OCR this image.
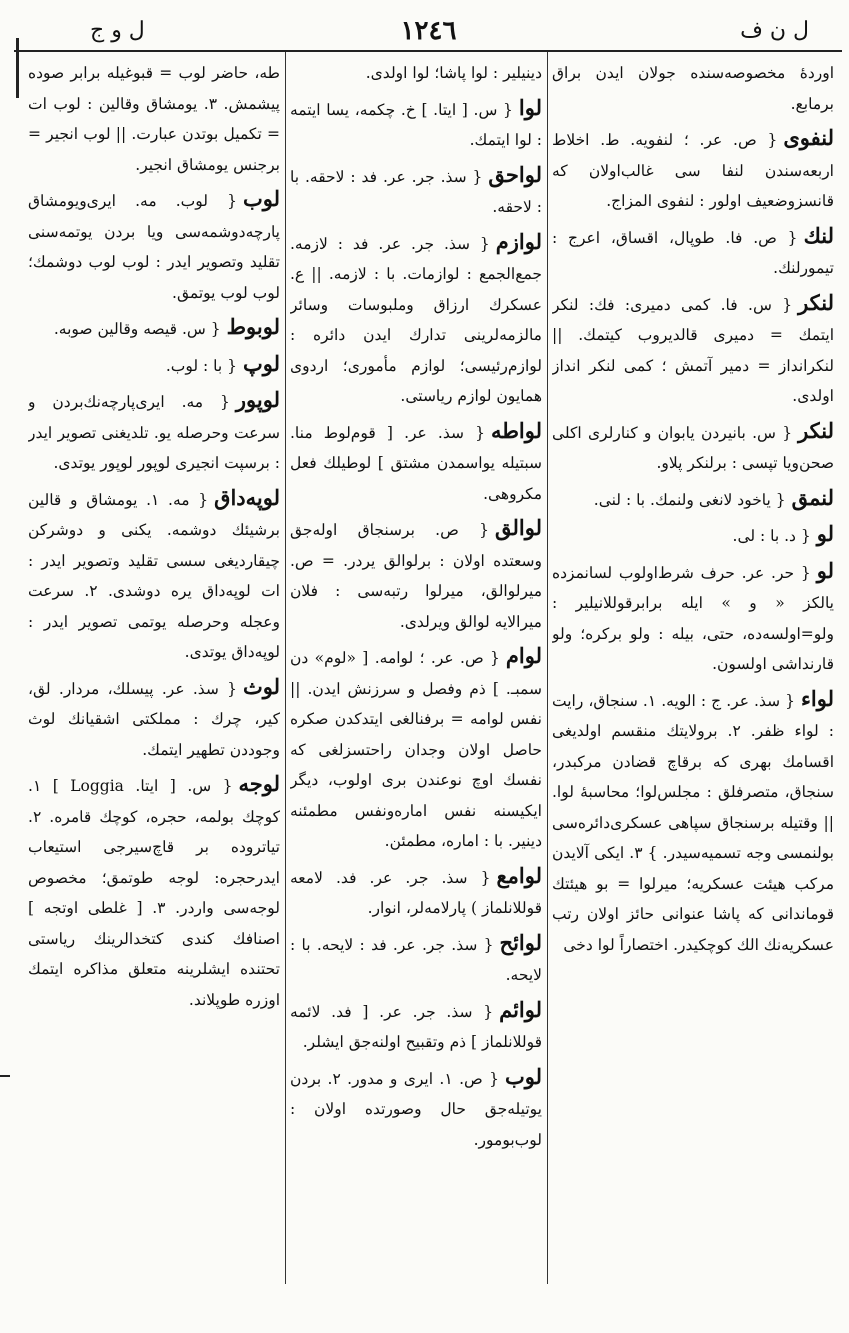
ل ن ف
١٢٤٦
ل و ج
اوردۀ مخصوصه‌سنده جولان ایدن براق برمابع.
لنفوی{ ص. عر. ؛ لنفویه. ط. اخلاط اربعه‌سندن لنفا سی غالب‌اولان که قانسزوضعیف اولور : لنفوی المزاج.
لنك{ ص. فا. طوپال، اقساق، اعرج : تیمورلنك.
لنکر{ س. فا. کمی دمیری: فك: لنکر ایتمك = دمیری قالدیروب کیتمك. || لنکرانداز = دمیر آتمش ؛ کمی لنکر انداز اولدی.
لنکر{ س. بانیردن یابوان و کنارلری اکلی صحن‌ویا تپسی : برلنکر پلاو.
لنمق{ یاخود لانغی ولنمك. با : لنی.
لو{ د. با : لی.
لو{ حر. عر. حرف شرط‌اولوب لسانمزده یالکز « و » ایله برابرقوللانیلیر : ولو=اولسه‌ده، حتی، بیله : ولو برکره؛ ولو قارنداشی اولسون.
لواء{ سذ. عر. ج : الویه. ١. سنجاق، رایت : لواء ظفر. ٢. برولایتك منقسم اولدیغی اقسامك بهری که برقاچ قضادن مرکبدر، سنجاق، متصرفلق : مجلس‌لوا؛ محاسبۀ لوا. || وقتیله برسنجاق سپاهی عسکری‌دائره‌سی بولنمسی وجه تسمیه‌سیدر. } ٣. ایکی آلایدن مرکب هیئت عسکریه؛ میرلوا = بو هیئتك قوماندانی که پاشا عنوانی حائز اولان رتب عسکریه‌نك الك کوچکیدر. اختصاراً لوا دخی
دینیلیر : لوا پاشا؛ لوا اولدی.
لوا{ س. [ ایتا. ] خ. چکمه، یسا ایتمه : لوا ایتمك.
لواحق{ سذ. جر. عر. فد : لاحقه. با : لاحقه.
لوازم{ سذ. جر. عر. فد : لازمه. جمع‌الجمع : لوازمات. با : لازمه. || ع. عسکرك ارزاق وملبوسات وسائر مالزمه‌لرینی تدارك ایدن دائره : لوازم‌رئیسی؛ لوازم مأموری؛ اردوی همایون لوازم ریاستی.
لواطه{ سذ. عر. [ قوم‌لوط منا. سبتیله یواسمدن مشتق ] لوطیلك فعل مکروهی.
لوالق{ ص. برسنجاق اولەجق وسعتده اولان : برلوالق یردر. = ص. میرلوالق، میرلوا رتبه‌سی : فلان میرالایه لوالق ویرلدی.
لوام{ ص. عر. ؛ لوامه. [ «لوم» دن سمبـ. ] ذم وفصل و سرزنش ایدن. || نفس لوامه = برفنالغی ایتدکدن صکره حاصل اولان وجدان راحتسزلغی که نفسك اوچ نوعندن بری اولوب، دیگر ایکیسنه نفس اماره‌ونفس مطمئنه دینیر. با : اماره، مطمئن.
لوامع{ سذ. جر. عر. فد. لامعه قوللانلماز ) پارلامەلر، انوار.
لوائح{ سذ. جر. عر. فد : لایحه. با : لایحه.
لوائم{ سذ. جر. عر. [ فد. لائمه قوللانلماز ] ذم وتقبیح اولنەجق ایشلر.
لوب{ ص. ١. ایری و مدور. ٢. بردن یوتیله‌جق حال وصورتده اولان : لوب‌بومور.
طه، حاضر لوب = قبوغیله برابر صوده پیشمش. ٣. یومشاق وقالین : لوب ات = تکمیل بوتدن عبارت. || لوب انجیر = برجنس یومشاق انجیر.
لوب{ لوب. مه. ایری‌ویومشاق پارچه‌دوشمه‌سی ویا بردن یوتمه‌سنی تقلید وتصویر ایدر : لوب لوب دوشمك؛ لوب لوب یوتمق.
لوبوط{ س. قیصه وقالین صوبه.
لوپ{ با : لوب.
لوپور{ مه. ایری‌پارچه‌نك‌بردن و سرعت وحرصله یو. تلدیغنی تصویر ایدر : برسپت انجیری لوپور لوپور یوتدی.
لوپه‌داق{ مه. ١. یومشاق و قالین برشیئك دوشمه. یکنی و دوشرکن چیقاردیغی سسی تقلید وتصویر ایدر : ات لوپه‌داق یره دوشدی. ٢. سرعت وعجله وحرصله یوتمی تصویر ایدر : لوپه‌داق یوتدی.
لوث{ سذ. عر. پیسلك، مردار. لق، کیر، چرك : مملکتی اشقیانك لوث وجوددن تطهیر ایتمك.
لوجه{ س. [ ایتا. Loggia ] ١. کوچك بولمه، حجره، کوچك قامره. ٢. تیاتروده بر قاچ‌سیرجی استیعاب ایدرحجره: لوجه طوتمق؛ مخصوص لوجه‌سی واردر. ٣. [ غلطی اوتجه ] اصنافك کندی کتخدالرینك ریاستی تحتنده ایشلرینه متعلق مذاکره ایتمك اوزره طوپلاند.
